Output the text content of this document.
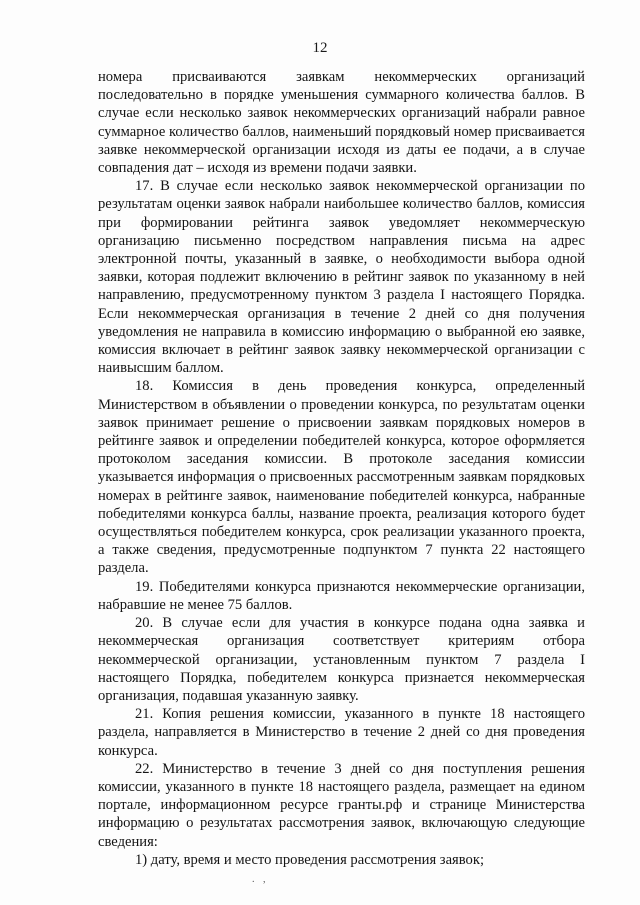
12

номера присваиваются заявкам некоммерческих организаций последовательно в порядке уменьшения суммарного количества баллов. В случае если несколько заявок некоммерческих организаций набрали равное суммарное количество баллов, наименьший порядковый номер присваивается заявке некоммерческой организации исходя из даты ее подачи, а в случае совпадения дат – исходя из времени подачи заявки.

17. В случае если несколько заявок некоммерческой организации по результатам оценки заявок набрали наибольшее количество баллов, комиссия при формировании рейтинга заявок уведомляет некоммерческую организацию письменно посредством направления письма на адрес электронной почты, указанный в заявке, о необходимости выбора одной заявки, которая подлежит включению в рейтинг заявок по указанному в ней направлению, предусмотренному пунктом 3 раздела I настоящего Порядка. Если некоммерческая организация в течение 2 дней со дня получения уведомления не направила в комиссию информацию о выбранной ею заявке, комиссия включает в рейтинг заявок заявку некоммерческой организации с наивысшим баллом.

18. Комиссия в день проведения конкурса, определенный Министерством в объявлении о проведении конкурса, по результатам оценки заявок принимает решение о присвоении заявкам порядковых номеров в рейтинге заявок и определении победителей конкурса, которое оформляется протоколом заседания комиссии. В протоколе заседания комиссии указывается информация о присвоенных рассмотренным заявкам порядковых номерах в рейтинге заявок, наименование победителей конкурса, набранные победителями конкурса баллы, название проекта, реализация которого будет осуществляться победителем конкурса, срок реализации указанного проекта, а также сведения, предусмотренные подпунктом 7 пункта 22 настоящего раздела.

19. Победителями конкурса признаются некоммерческие организации, набравшие не менее 75 баллов.

20. В случае если для участия в конкурсе подана одна заявка и некоммерческая организация соответствует критериям отбора некоммерческой организации, установленным пунктом 7 раздела I настоящего Порядка, победителем конкурса признается некоммерческая организация, подавшая указанную заявку.

21. Копия решения комиссии, указанного в пункте 18 настоящего раздела, направляется в Министерство в течение 2 дней со дня проведения конкурса.

22. Министерство в течение 3 дней со дня поступления решения комиссии, указанного в пункте 18 настоящего раздела, размещает на едином портале, информационном ресурсе гранты.рф и странице Министерства информацию о результатах рассмотрения заявок, включающую следующие сведения:

1) дату, время и место проведения рассмотрения заявок;

. ,
